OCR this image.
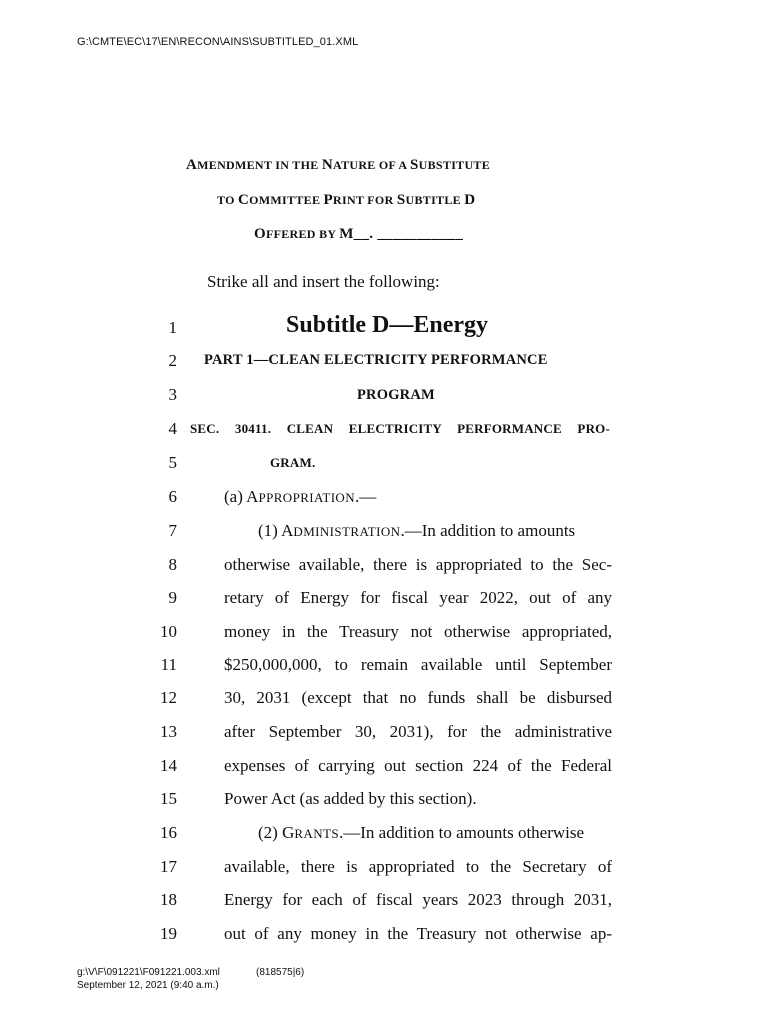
G:\CMTE\EC\17\EN\RECON\AINS\SUBTITLED_01.XML
AMENDMENT IN THE NATURE OF A SUBSTITUTE
TO COMMITTEE PRINT FOR SUBTITLE D
OFFERED BY M__. ___________
Strike all and insert the following:
1
2
3
4
5
6
7
8
9
10
11
12
13
14
15
16
17
18
19
Subtitle D—Energy
PART 1—CLEAN ELECTRICITY PERFORMANCE
PROGRAM
SEC. 30411. CLEAN ELECTRICITY PERFORMANCE PRO-
GRAM.
(a) APPROPRIATION.—
(1) ADMINISTRATION.—In addition to amounts
otherwise available, there is appropriated to the Sec-
retary of Energy for fiscal year 2022, out of any
money in the Treasury not otherwise appropriated,
$250,000,000, to remain available until September
30, 2031 (except that no funds shall be disbursed
after September 30, 2031), for the administrative
expenses of carrying out section 224 of the Federal
Power Act (as added by this section).
(2) GRANTS.—In addition to amounts otherwise
available, there is appropriated to the Secretary of
Energy for each of fiscal years 2023 through 2031,
out of any money in the Treasury not otherwise ap-
g:\V\F\091221\F091221.003.xml
September 12, 2021 (9:40 a.m.)
(818575|6)
